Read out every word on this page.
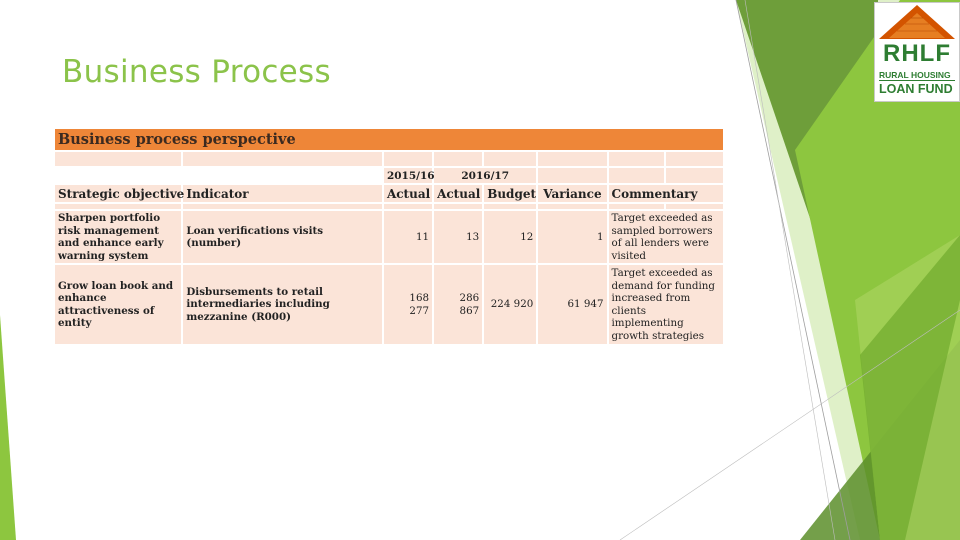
Business Process
RHLF
RURAL HOUSING
LOAN FUND
Business process perspective							

		2015/16	2016/17				
Strategic objective	Indicator	Actual	Actual	Budget	Variance	Commentary	

Sharpen portfolio risk management and enhance early warning system	Loan verifications visits (number)	11	13	12	1	Target exceeded as sampled borrowers of all lenders were visited	
Grow loan book and enhance attractiveness of entity	Disbursements to retail intermediaries including mezzanine (R000)	168 277	286 867	224 920	61 947	Target exceeded as demand for funding increased from clients implementing growth strategies	
